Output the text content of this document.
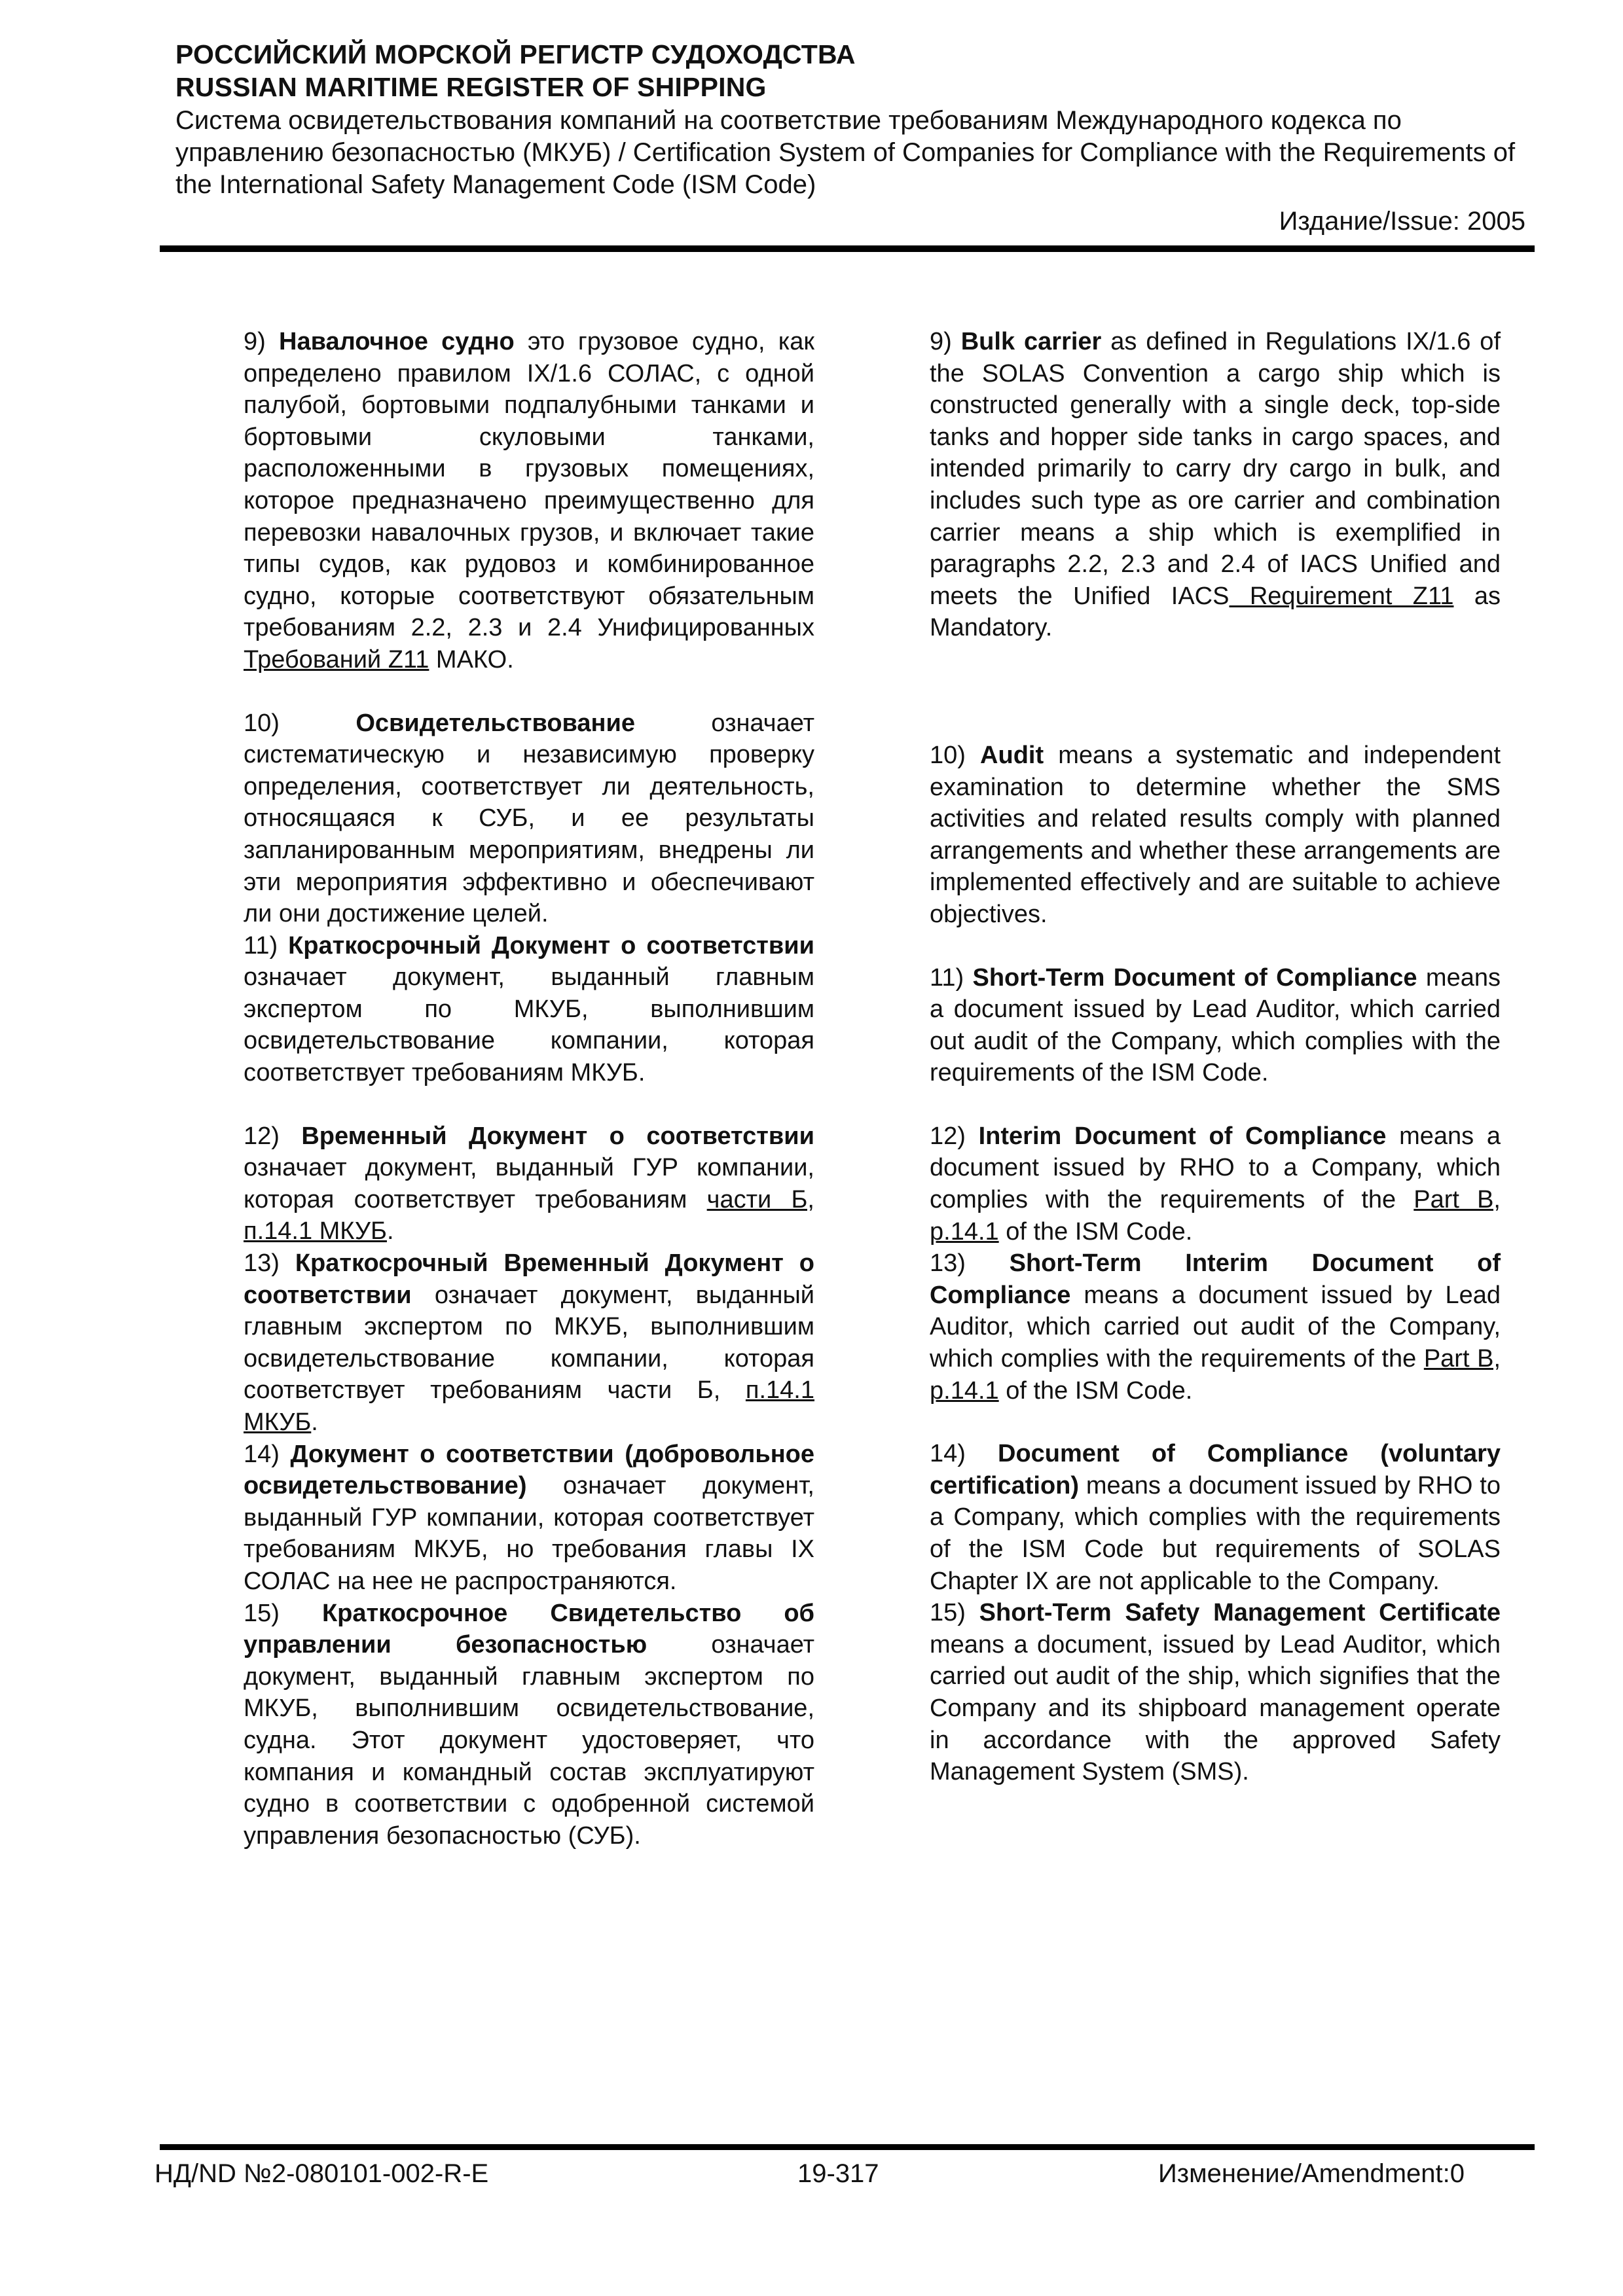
РОССИЙСКИЙ МОРСКОЙ РЕГИСТР СУДОХОДСТВА

RUSSIAN MARITIME REGISTER OF SHIPPING

Система освидетельствования компаний на соответствие требованиям Международного кодекса по управлению безопасностью (МКУБ) / Certification System of Companies for Compliance with the Requirements of the International Safety Management Code (ISM Code)

Издание/Issue: 2005

9) Навалочное судно это грузовое судно, как определено правилом IX/1.6 СОЛАС, с одной палубой, бортовыми подпалубными танками и бортовыми скуловыми танками, расположенными в грузовых помещениях, которое предназначено преимущественно для перевозки навалочных грузов, и включает такие типы судов, как рудовоз и комбинированное судно, которые соответствуют обязательным требованиям 2.2, 2.3 и 2.4 Унифицированных Требований Z11 МАКО.

10) Освидетельствование означает систематическую и независимую проверку определения, соответствует ли деятельность, относящаяся к СУБ, и ее результаты запланированным мероприятиям, внедрены ли эти мероприятия эффективно и обеспечивают ли они достижение целей.

11) Краткосрочный Документ о соответствии означает документ, выданный главным экспертом по МКУБ, выполнившим освидетельствование компании, которая соответствует требованиям МКУБ.

12) Временный Документ о соответствии означает документ, выданный ГУР компании, которая соответствует требованиям части Б, п.14.1 МКУБ.

13) Краткосрочный Временный Документ о соответствии означает документ, выданный главным экспертом по МКУБ, выполнившим освидетельствование компании, которая соответствует требованиям части Б, п.14.1 МКУБ.

14) Документ о соответствии (добровольное освидетельствование) означает документ, выданный ГУР компании, которая соответствует требованиям МКУБ, но требования главы IX СОЛАС на нее не распространяются.

15) Краткосрочное Свидетельство об управлении безопасностью означает документ, выданный главным экспертом по МКУБ, выполнившим освидетельствование, судна. Этот документ удостоверяет, что компания и командный состав эксплуатируют судно в соответствии с одобренной системой управления безопасностью (СУБ).

9) Bulk carrier as defined in Regulations IX/1.6 of the SOLAS Convention a cargo ship which is constructed generally with a single deck, top-side tanks and hopper side tanks in cargo spaces, and intended primarily to carry dry cargo in bulk, and includes such type as ore carrier and combination carrier means a ship which is exemplified in paragraphs 2.2, 2.3 and 2.4 of IACS Unified and meets the Unified IACS Requirement Z11 as Mandatory.

10) Audit means a systematic and independent examination to determine whether the SMS activities and related results comply with planned arrangements and whether these arrangements are implemented effectively and are suitable to achieve objectives.

11) Short-Term Document of Compliance means a document issued by Lead Auditor, which carried out audit of the Company, which complies with the requirements of the ISM Code.

12) Interim Document of Compliance means a document issued by RHO to a Company, which complies with the requirements of the Part B, p.14.1 of the ISM Code.

13) Short-Term Interim Document of Compliance means a document issued by Lead Auditor, which carried out audit of the Company, which complies with the requirements of the Part B, p.14.1 of the ISM Code.

14) Document of Compliance (voluntary certification) means a document issued by RHO to a Company, which complies with the requirements of the ISM Code but requirements of SOLAS Chapter IX are not applicable to the Company.

15) Short-Term Safety Management Certificate means a document, issued by Lead Auditor, which carried out audit of the ship, which signifies that the Company and its shipboard management operate in accordance with the approved Safety Management System (SMS).

НД/ND №2-080101-002-R-E	19-317	Изменение/Amendment:0
